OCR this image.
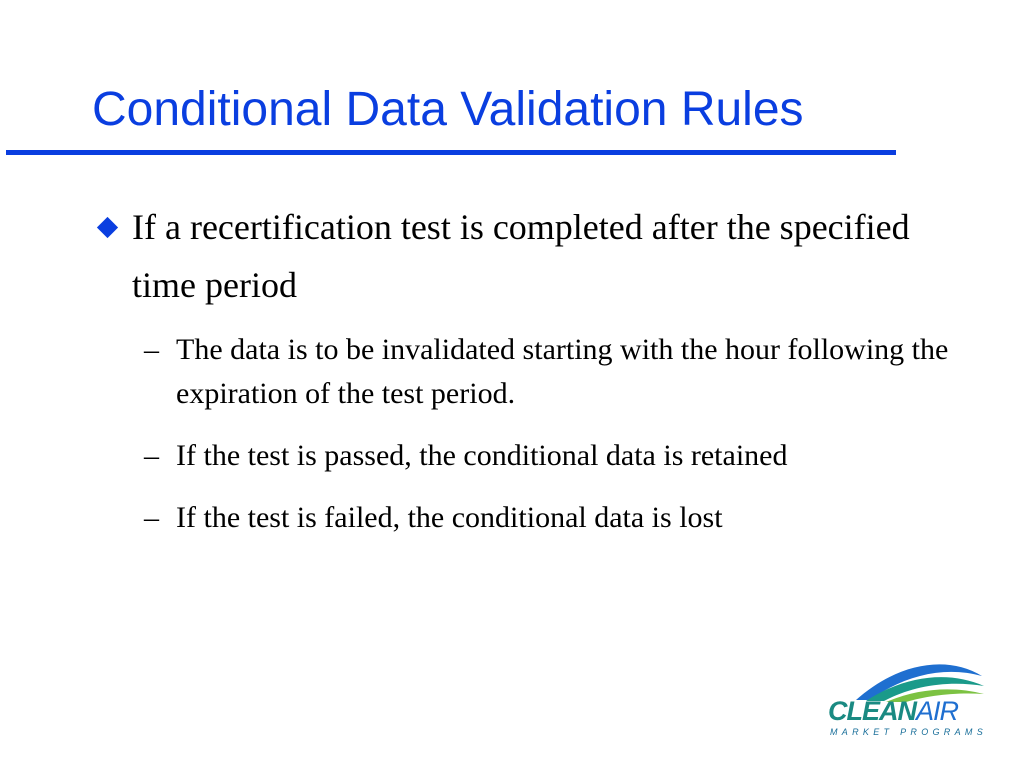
Conditional Data Validation Rules
If a recertification test is completed after the specified time period
– The data is to be invalidated starting with the hour following the expiration of the test period.
– If the test is passed, the conditional data is retained
– If the test is failed, the conditional data is lost
CLEANAIR
MARKET PROGRAMS
